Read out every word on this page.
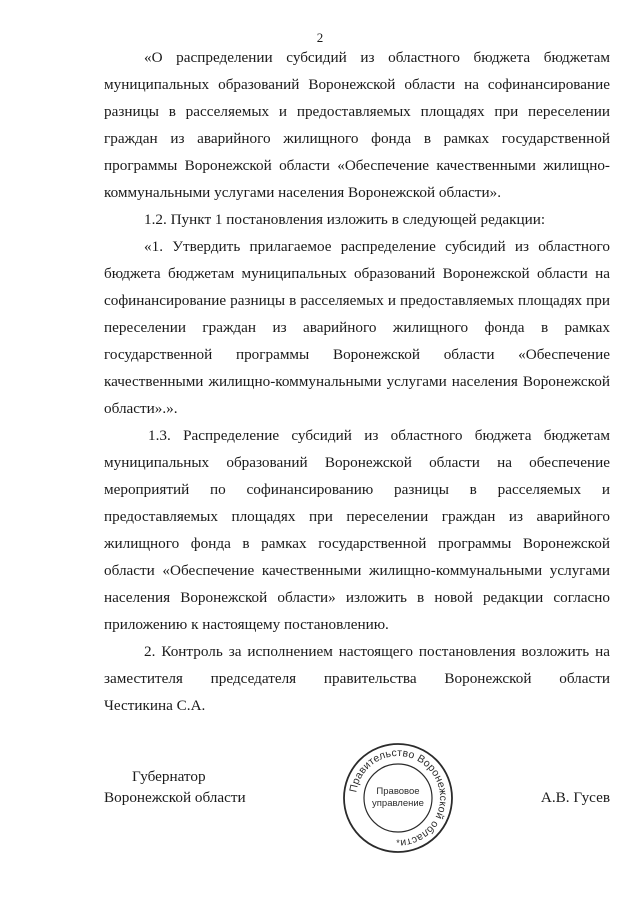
2

«О распределении субсидий из областного бюджета бюджетам
муниципальных образований Воронежской области на софинансирование
разницы в расселяемых и предоставляемых площадях при переселении
граждан из аварийного жилищного фонда в рамках государственной
программы Воронежской области «Обеспечение качественными жилищно-
коммунальными услугами населения Воронежской области».

1.2. Пункт 1 постановления изложить в следующей редакции:

«1. Утвердить прилагаемое распределение субсидий из областного
бюджета бюджетам муниципальных образований Воронежской области на
софинансирование разницы в расселяемых и предоставляемых площадях при
переселении граждан из аварийного жилищного фонда в рамках
государственной программы Воронежской области «Обеспечение
качественными жилищно-коммунальными услугами населения Воронежской
области».».

1.3. Распределение субсидий из областного бюджета бюджетам
муниципальных образований Воронежской области на обеспечение
мероприятий по софинансированию разницы в расселяемых и
предоставляемых площадях при переселении граждан из аварийного
жилищного фонда в рамках государственной программы Воронежской
области «Обеспечение качественными жилищно-коммунальными услугами
населения Воронежской области» изложить в новой редакции согласно
приложению к настоящему постановлению.

2. Контроль за исполнением настоящего постановления возложить на
заместителя председателя правительства Воронежской области
Честикина С.А.

Губернатор
Воронежской области	А.В. Гусев
Правительство Воронежской области
Правовое
управление
*
